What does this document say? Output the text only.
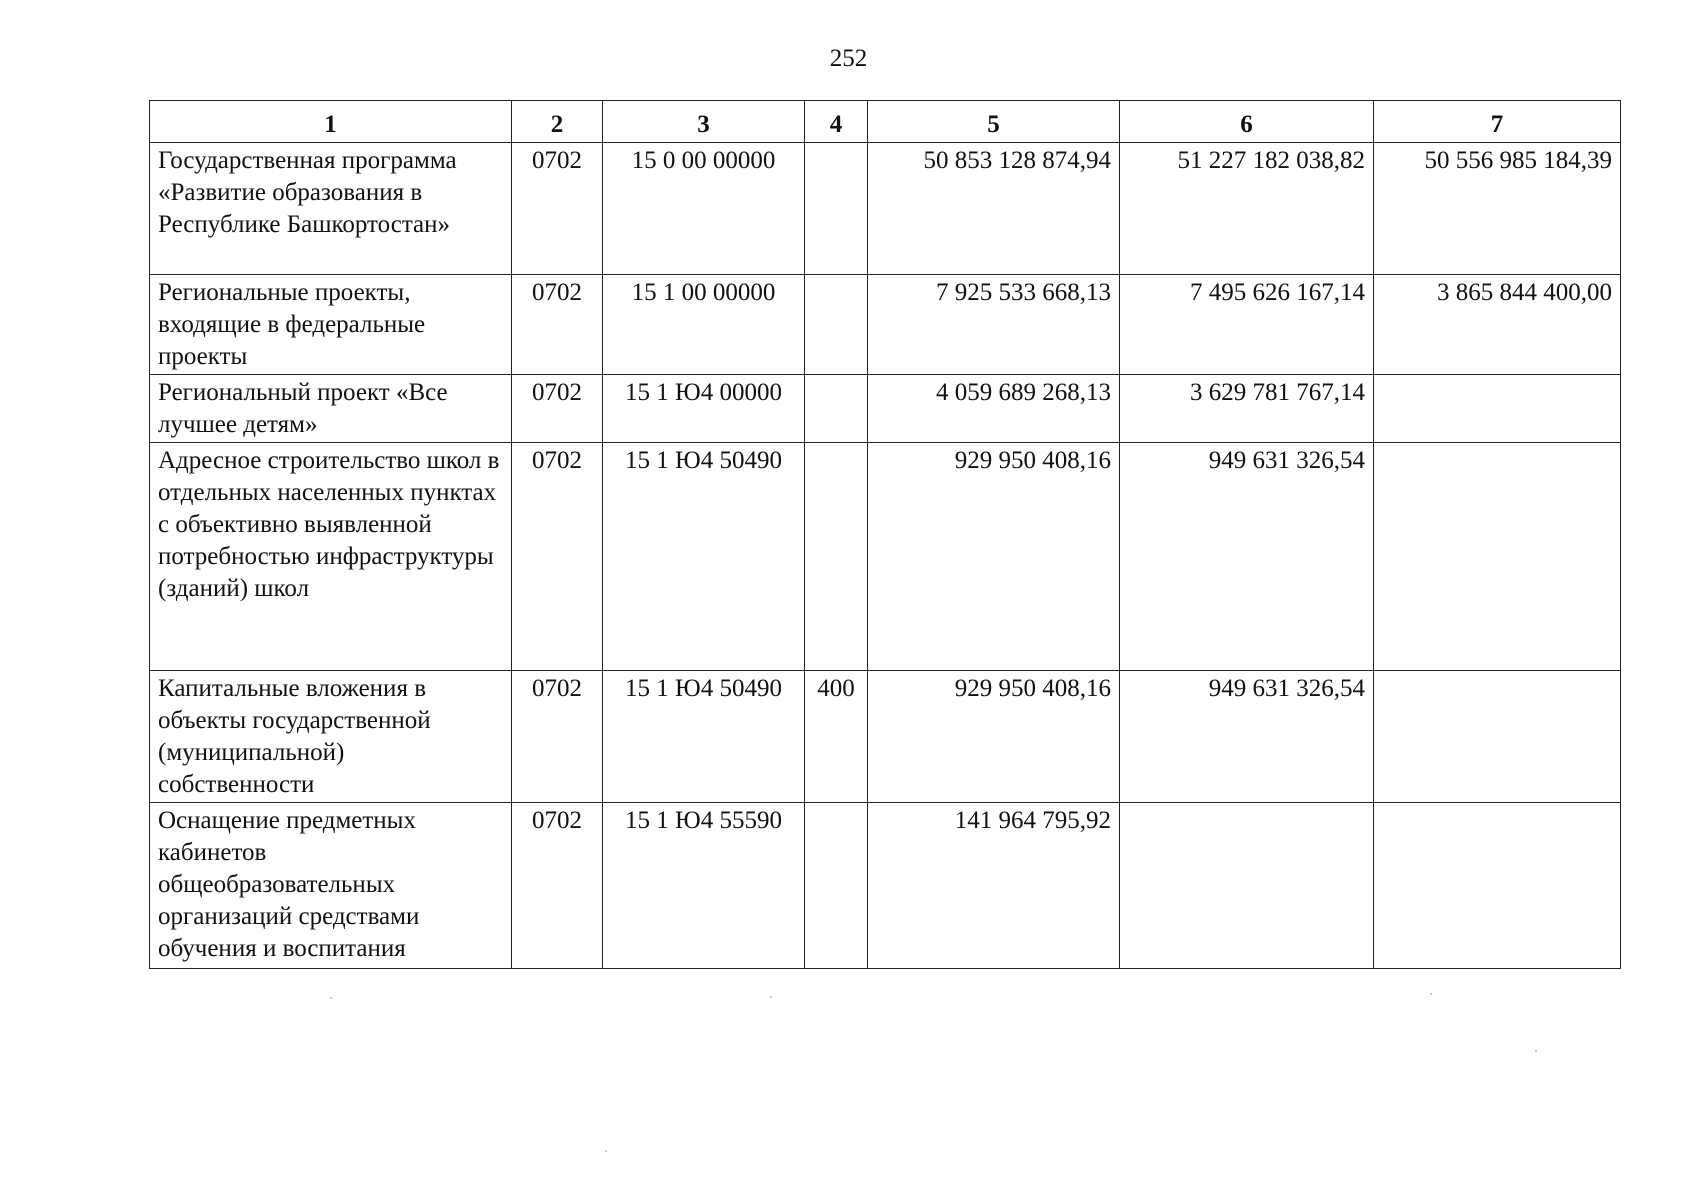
252
1	2	3	4	5	6	7
Государственная программа «Развитие образования в Республике Башкортостан»	0702	15 0 00 00000		50 853 128 874,94	51 227 182 038,82	50 556 985 184,39
Региональные проекты, входящие в федеральные проекты	0702	15 1 00 00000		7 925 533 668,13	7 495 626 167,14	3 865 844 400,00
Региональный проект «Все лучшее детям»	0702	15 1 Ю4 00000		4 059 689 268,13	3 629 781 767,14	
Адресное строительство школ в отдельных населенных пунктах с объективно выявленной потребностью инфраструктуры (зданий) школ	0702	15 1 Ю4 50490		929 950 408,16	949 631 326,54	
Капитальные вложения в объекты государственной (муниципальной) собственности	0702	15 1 Ю4 50490	400	929 950 408,16	949 631 326,54	
Оснащение предметных кабинетов общеобразовательных организаций средствами обучения и воспитания	0702	15 1 Ю4 55590		141 964 795,92		
